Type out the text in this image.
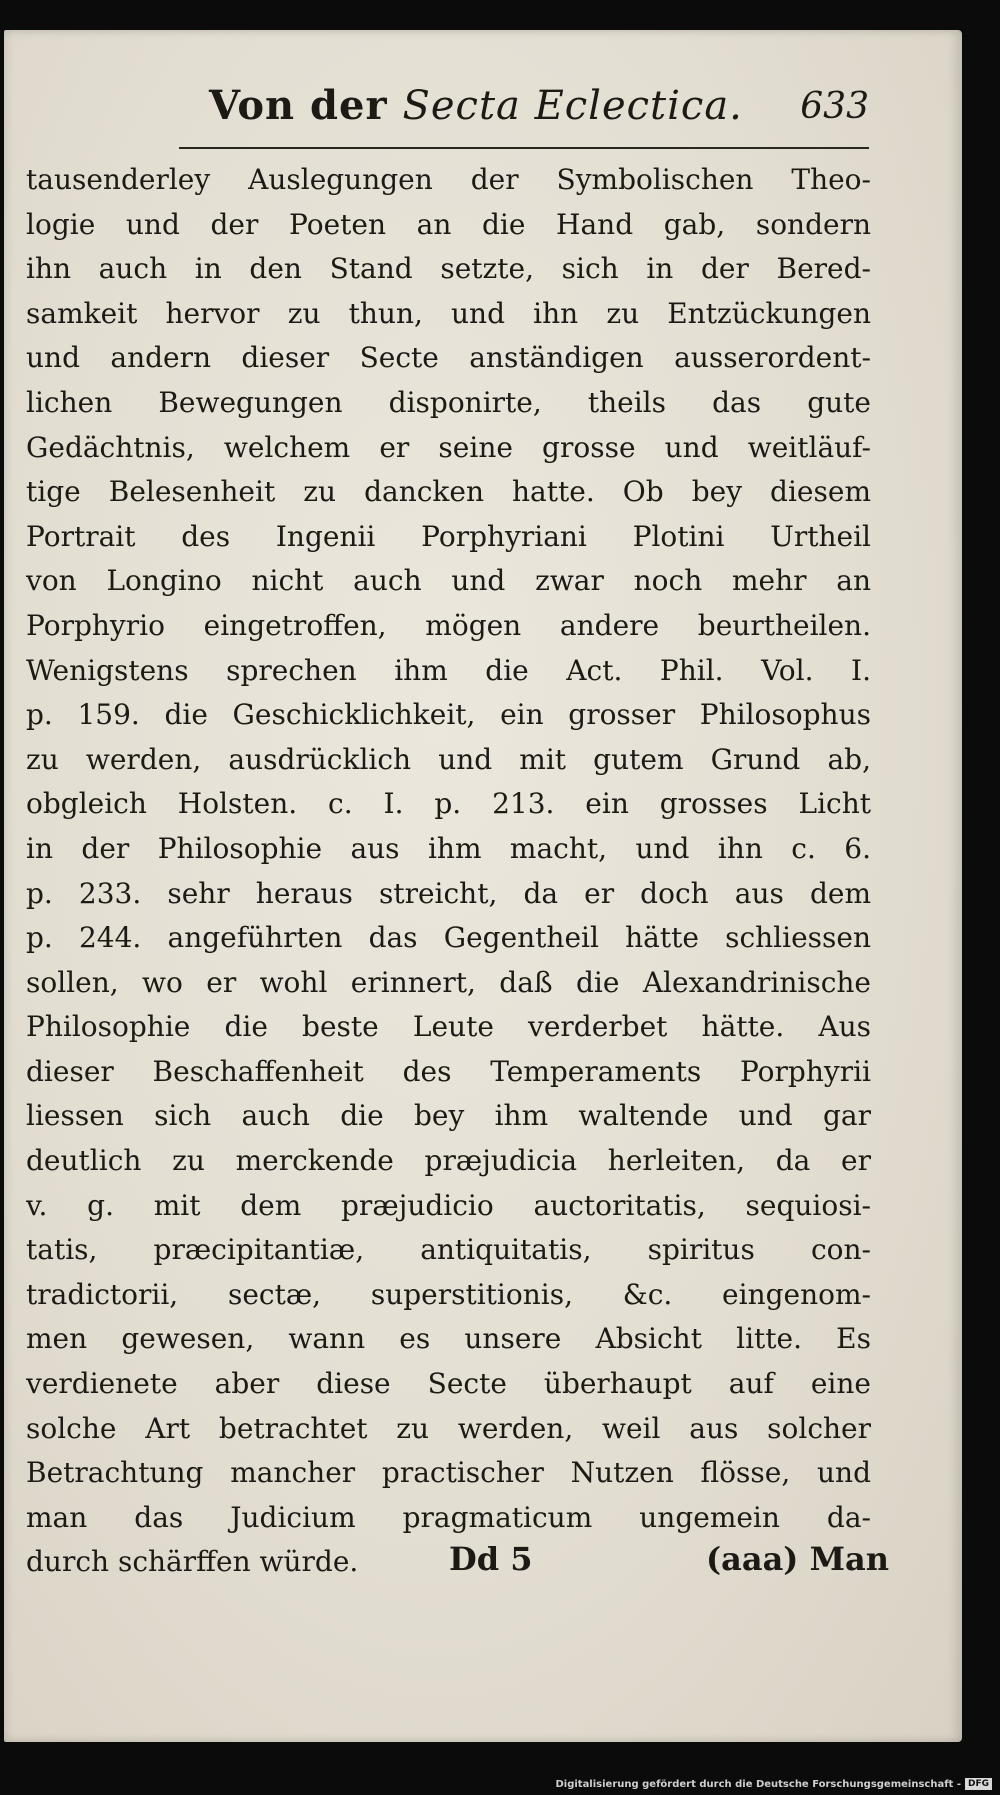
Von der Secta Eclectica. 633
tausenderley Auslegungen der Symbolischen Theo-
logie und der Poeten an die Hand gab, sondern
ihn auch in den Stand setzte, sich in der Bered-
samkeit hervor zu thun, und ihn zu Entzückungen
und andern dieser Secte anständigen ausserordent-
lichen Bewegungen disponirte, theils das gute
Gedächtnis, welchem er seine grosse und weitläuf-
tige Belesenheit zu dancken hatte. Ob bey diesem
Portrait des Ingenii Porphyriani Plotini Urtheil
von Longino nicht auch und zwar noch mehr an
Porphyrio eingetroffen, mögen andere beurtheilen.
Wenigstens sprechen ihm die Act. Phil. Vol. I.
p. 159. die Geschicklichkeit, ein grosser Philosophus
zu werden, ausdrücklich und mit gutem Grund ab,
obgleich Holsten. c. I. p. 213. ein grosses Licht
in der Philosophie aus ihm macht, und ihn c. 6.
p. 233. sehr heraus streicht, da er doch aus dem
p. 244. angeführten das Gegentheil hätte schliessen
sollen, wo er wohl erinnert, daß die Alexandrinische
Philosophie die beste Leute verderbet hätte. Aus
dieser Beschaffenheit des Temperaments Porphyrii
liessen sich auch die bey ihm waltende und gar
deutlich zu merckende præjudicia herleiten, da er
v. g. mit dem præjudicio auctoritatis, sequiosi-
tatis, præcipitantiæ, antiquitatis, spiritus con-
tradictorii, sectæ, superstitionis, &c. eingenom-
men gewesen, wann es unsere Absicht litte. Es
verdienete aber diese Secte überhaupt auf eine
solche Art betrachtet zu werden, weil aus solcher
Betrachtung mancher practischer Nutzen flösse, und
man das Judicium pragmaticum ungemein da-
durch schärffen würde.	Dd 5	(aaa) Man
Digitalisierung gefördert durch die Deutsche Forschungsgemeinschaft - DFG
